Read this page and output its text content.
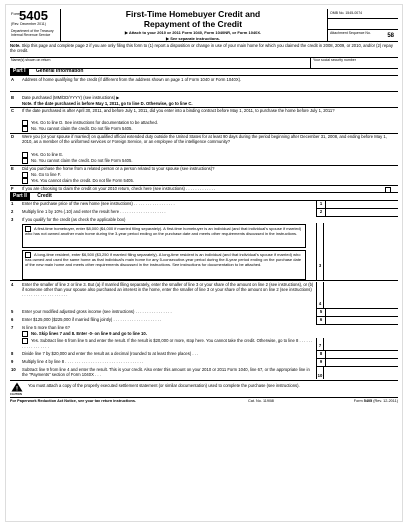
Form
5405
(Rev. December 2011)
Department of the Treasury Internal Revenue Service
First-Time Homebuyer Credit and
Repayment of the Credit
▶ Attach to your 2010 or 2011 Form 1040, Form 1040NR, or Form 1040X.
▶ See separate instructions.
OMB No. 1545-0074
Attachment Sequence No.	58
Note. Skip this page and complete page 2 if you are only filing this form to (1) report a disposition or change in use of your main home for which you claimed the credit in 2008, 2009, or 2010, and/or (2) repay the credit.
Name(s) shown on return	Your social security number
Part I General Information
A Address of home qualifying for the credit (if different from the address shown on page 1 of Form 1040 or Form 1040X).
B Date purchased (MM/DD/YYYY) (see instructions) ▶
Note. If the date purchased is before May 1, 2011, go to line D. Otherwise, go to line C.
C If the date purchased is after April 30, 2011, and before July 1, 2011, did you enter into a binding contract before May 1, 2011, to purchase the home before July 1, 2011?
Yes. Go to line D. See instructions for documentation to be attached.
No. You cannot claim the credit. Do not file Form 5405.
D Were you (or your spouse if married) on qualified official extended duty outside the United States for at least 90 days during the period beginning after December 31, 2008, and ending before May 1, 2010, as a member of the uniformed services or Foreign Service, or an employee of the intelligence community?
Yes. Go to line E.
No. You cannot claim the credit. Do not file Form 5405.
E Did you purchase the home from a related person or a person related to your spouse (see instructions)?
No. Go to line F.
Yes. You cannot claim the credit. Do not file Form 5405.
F If you are choosing to claim the credit on your 2010 return, check here (see instructions) . . . . . . . . . . . . .
Part II Credit
1 Enter the purchase price of the new home (see instructions) . . . . . . . . . . . . . . . . . .	1
2 Multiply line 1 by 10% (.10) and enter the result here . . . . . . . . . . . . . . . . . . . .	2
3 If you qualify for the credit (as check the applicable box)
A first-time homebuyer, enter $8,000 ($4,000 if married filing separately). A first-time homebuyer is an individual (and that individual's spouse if married) who has not owned another main home during the 3-year period ending on the purchase date and meets other requirements discussed in the instructions.
A long-time resident, enter $6,500 ($3,250 if married filing separately). A long-time resident is an individual (and that individual's spouse if married) who has owned and used the same home as that individual's main home for any 5-consecutive-year period during the 8-year period ending on the purchase date of the new main home and meets other requirements discussed in the instructions. See instructions for documentation to be attached.	3
4 Enter the smaller of line 2 or line 3. But (a) if married filing separately, enter the smaller of line 3 or your share of the amount on line 2 (see instructions), or (b) if someone other than your spouse also purchased an interest in the home, enter the smaller of line 3 or your share of the amount on line 2 (see instructions) . . . . . . . . . . . . . . . . . . . .
4
5 Enter your modified adjusted gross income (see instructions) . . . . . . . . . . . . . . . .	5
6 Enter $125,000 ($225,000 if married filing jointly) . . . . . . . . . . . . . . . . . . . . .	6
7 Is line 5 more than line 6?
No. Skip lines 7 and 8. Enter -0- on line 9 and go to line 10.
Yes. Subtract line 6 from line 5 and enter the result. If the result is $20,000 or more, stop here. You cannot take the credit. Otherwise, go to line 8 . . . . . . . . . . . . . . . . . .	7
8 Divide line 7 by $20,000 and enter the result as a decimal (rounded to at least three places) . . .	8
9 Multiply line 4 by line 8 . . . . . . . . . . . . . . . . . . . . . . . . . . . . . . . . . .	9
10 Subtract line 9 from line 4 and enter the result. This is your credit. Also enter this amount on your 2010 or 2011 Form 1040, line 67, or the appropriate line in the "Payments" section of Form 1040X . . .	10
!
CAUTION
You must attach a copy of the properly executed settlement statement (or similar documentation) used to complete the purchase (see instructions).
For Paperwork Reduction Act Notice, see your tax return instructions.	Cat. No. 11908I	Form 5405 (Rev. 12-2011)
